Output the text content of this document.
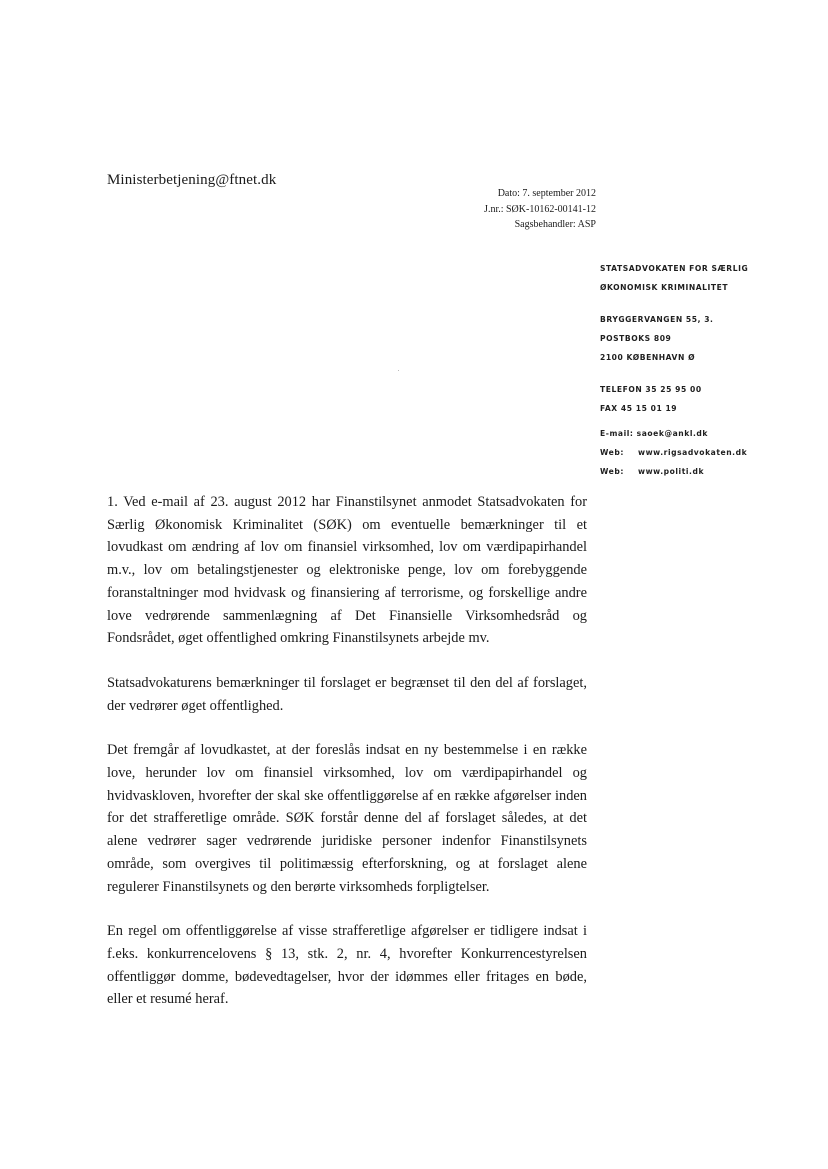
Ministerbetjening@ftnet.dk
Dato: 7. september 2012
J.nr.: SØK-10162-00141-12
Sagsbehandler: ASP
STATSADVOKATEN FOR SÆRLIG
ØKONOMISK KRIMINALITET
BRYGGERVANGEN 55, 3.
POSTBOKS 809
2100 KØBENHAVN Ø
TELEFON 35 25 95 00
FAX 45 15 01 19
E-mail: saoek@ankl.dk
Web: www.rigsadvokaten.dk
Web: www.politi.dk

1. Ved e-mail af 23. august 2012 har Finanstilsynet anmodet Statsadvokaten for Særlig Økonomisk Kriminalitet (SØK) om eventuelle bemærkninger til et lovudkast om ændring af lov om finansiel virksomhed, lov om værdipapirhandel m.v., lov om betalingstjenester og elektroniske penge, lov om forebyggende foranstaltninger mod hvidvask og finansiering af terrorisme, og forskellige andre love vedrørende sammenlægning af Det Finansielle Virksomhedsråd og Fondsrådet, øget offentlighed omkring Finanstilsynets arbejde mv.

Statsadvokaturens bemærkninger til forslaget er begrænset til den del af forslaget, der vedrører øget offentlighed.

Det fremgår af lovudkastet, at der foreslås indsat en ny bestemmelse i en række love, herunder lov om finansiel virksomhed, lov om værdipapirhandel og hvidvaskloven, hvorefter der skal ske offentliggørelse af en række afgørelser inden for det strafferetlige område. SØK forstår denne del af forslaget således, at det alene vedrører sager vedrørende juridiske personer indenfor Finanstilsynets område, som overgives til politimæssig efterforskning, og at forslaget alene regulerer Finanstilsynets og den berørte virksomheds forpligtelser.

En regel om offentliggørelse af visse strafferetlige afgørelser er tidligere indsat i f.eks. konkurrencelovens § 13, stk. 2, nr. 4, hvorefter Konkurrencestyrelsen offentliggør domme, bødevedtagelser, hvor der idømmes eller fritages en bøde, eller et resumé heraf.
